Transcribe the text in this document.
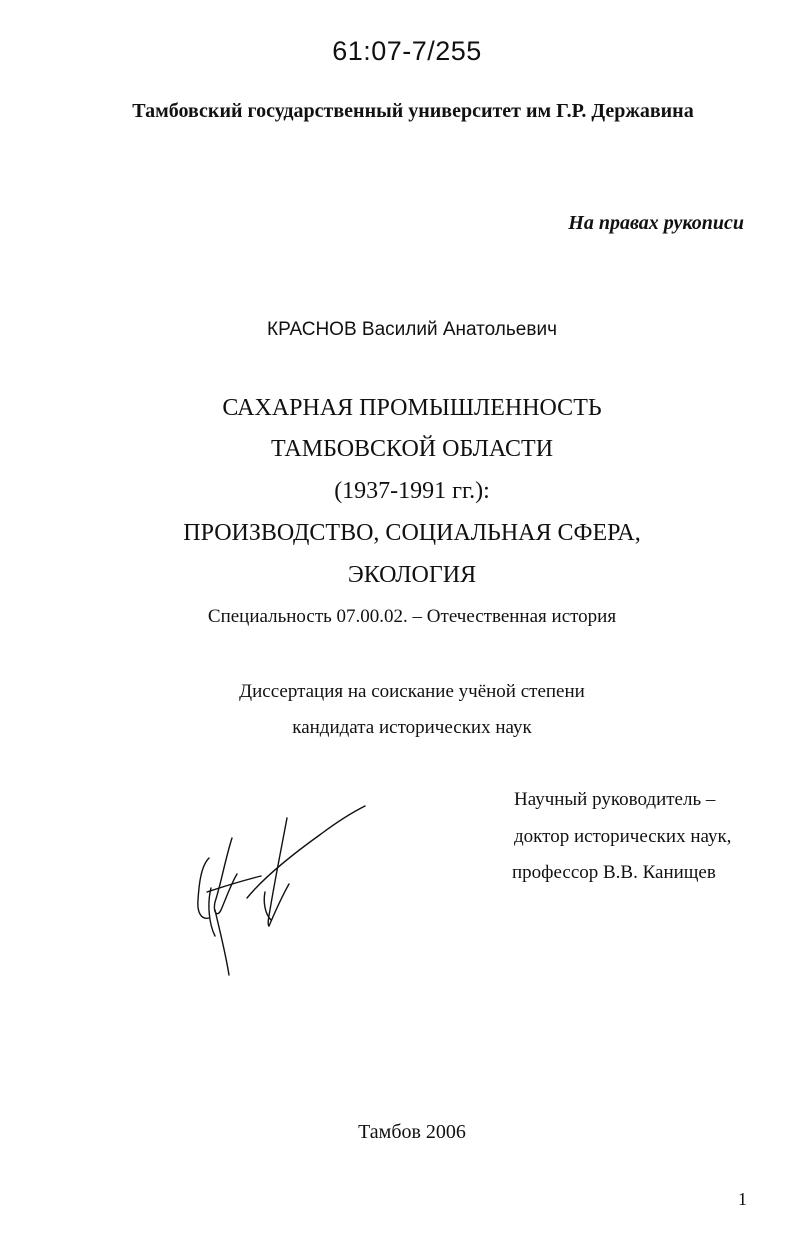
61:07-7/255
Тамбовский государственный университет им Г.Р. Державина
На правах рукописи
КРАСНОВ Василий Анатольевич
САХАРНАЯ ПРОМЫШЛЕННОСТЬ
ТАМБОВСКОЙ ОБЛАСТИ
(1937-1991 гг.):
ПРОИЗВОДСТВО, СОЦИАЛЬНАЯ СФЕРА,
ЭКОЛОГИЯ
Специальность 07.00.02. – Отечественная история
Диссертация на соискание учёной степени
кандидата исторических наук
Научный руководитель –
доктор исторических наук,
профессор В.В. Канищев
Тамбов 2006
1
